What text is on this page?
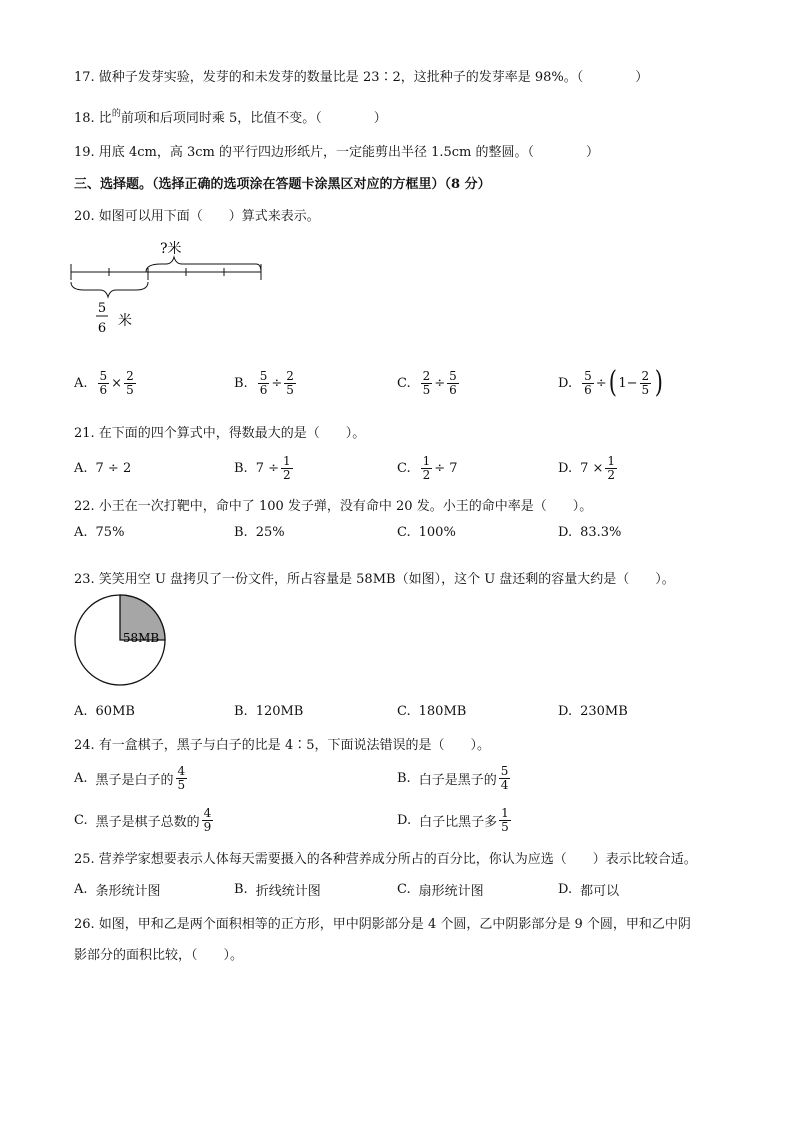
17. 做种子发芽实验，发芽的和未发芽的数量比是 23∶2，这批种子的发芽率是 98%。（　　　　）
18. 比$^的$前项和后项同时乘 5，比值不变。（　　　　）
19. 用底 4cm，高 3cm 的平行四边形纸片，一定能剪出半径 1.5cm 的整圆。（　　　　）
三、选择题。（选择正确的选项涂在答题卡涂黑区对应的方框里）（8 分）
20. 如图可以用下面（　　）算式来表示。
?米
5
6 米
A. $\frac{5}{6} \times \frac{2}{5}$	B. $\frac{5}{6} \div \frac{2}{5}$	C. $\frac{2}{5} \div \frac{5}{6}$	D. $\frac{5}{6}$ ÷ ( $1 - \frac{2}{5}$ )
21. 在下面的四个算式中，得数最大的是（　　）。
A. 7 ÷ 2	B. $7 \div \frac{1}{2}$	C. $\frac{1}{2} \div 7$	D. $7 \times \frac{1}{2}$
22. 小王在一次打靶中，命中了 100 发子弹，没有命中 20 发。小王的命中率是（　　）。
A. 75%	B. 25%	C. 100%	D. 83.3%
23. 笑笑用空 U 盘拷贝了一份文件，所占容量是 58MB（如图），这个 U 盘还剩的容量大约是（　　）。
58MB
A. 60MB	B. 120MB	C. 180MB	D. 230MB
24. 有一盒棋子，黑子与白子的比是 4∶5，下面说法错误的是（　　）。
A. 黑子是白子的 $\frac{4}{5}$	B. 白子是黑子的 $\frac{5}{4}$
C. 黑子是棋子总数的 $\frac{4}{9}$	D. 白子比黑子多 $\frac{1}{5}$
25. 营养学家想要表示人体每天需要摄入的各种营养成分所占的百分比，你认为应选（　　）表示比较合适。
A. 条形统计图	B. 折线统计图	C. 扇形统计图	D. 都可以
26. 如图，甲和乙是两个面积相等的正方形，甲中阴影部分是 4 个圆，乙中阴影部分是 9 个圆，甲和乙中阴
影部分的面积比较，（　　）。
